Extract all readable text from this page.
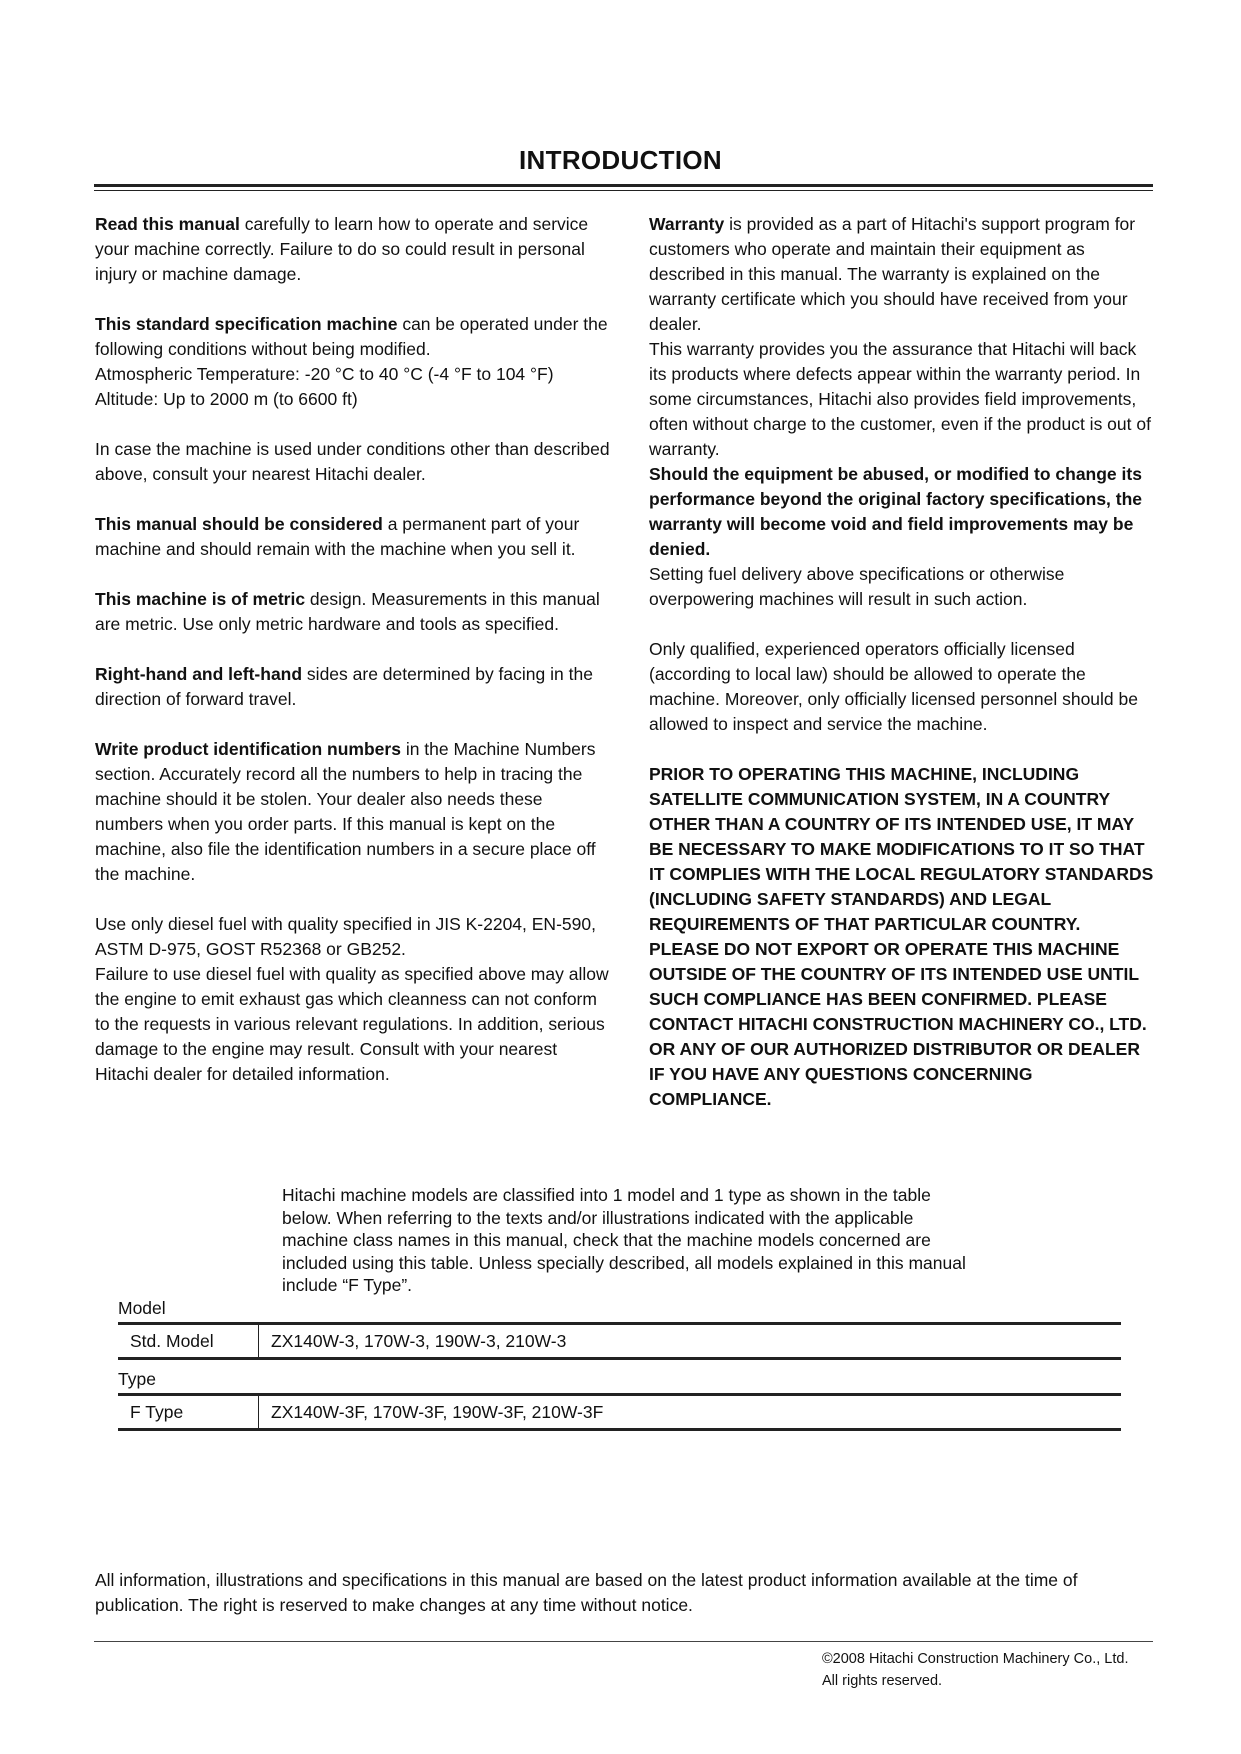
INTRODUCTION

Read this manual carefully to learn how to operate and service your machine correctly. Failure to do so could result in personal injury or machine damage.

This standard specification machine can be operated under the following conditions without being modified.
Atmospheric Temperature: -20 °C to 40 °C (-4 °F to 104 °F)
Altitude: Up to 2000 m (to 6600 ft)

In case the machine is used under conditions other than described above, consult your nearest Hitachi dealer.

This manual should be considered a permanent part of your machine and should remain with the machine when you sell it.

This machine is of metric design. Measurements in this manual are metric. Use only metric hardware and tools as specified.

Right-hand and left-hand sides are determined by facing in the direction of forward travel.

Write product identification numbers in the Machine Numbers section. Accurately record all the numbers to help in tracing the machine should it be stolen. Your dealer also needs these numbers when you order parts. If this manual is kept on the machine, also file the identification numbers in a secure place off the machine.

Use only diesel fuel with quality specified in JIS K-2204, EN-590, ASTM D-975, GOST R52368 or GB252.
Failure to use diesel fuel with quality as specified above may allow the engine to emit exhaust gas which cleanness can not conform to the requests in various relevant regulations. In addition, serious damage to the engine may result. Consult with your nearest Hitachi dealer for detailed information.

Warranty is provided as a part of Hitachi's support program for customers who operate and maintain their equipment as described in this manual. The warranty is explained on the warranty certificate which you should have received from your dealer.
This warranty provides you the assurance that Hitachi will back its products where defects appear within the warranty period. In some circumstances, Hitachi also provides field improvements, often without charge to the customer, even if the product is out of warranty.
Should the equipment be abused, or modified to change its performance beyond the original factory specifications, the warranty will become void and field improvements may be denied.
Setting fuel delivery above specifications or otherwise overpowering machines will result in such action.

Only qualified, experienced operators officially licensed (according to local law) should be allowed to operate the machine. Moreover, only officially licensed personnel should be allowed to inspect and service the machine.

PRIOR TO OPERATING THIS MACHINE, INCLUDING SATELLITE COMMUNICATION SYSTEM, IN A COUNTRY OTHER THAN A COUNTRY OF ITS INTENDED USE, IT MAY BE NECESSARY TO MAKE MODIFICATIONS TO IT SO THAT IT COMPLIES WITH THE LOCAL REGULATORY STANDARDS (INCLUDING SAFETY STANDARDS) AND LEGAL REQUIREMENTS OF THAT PARTICULAR COUNTRY. PLEASE DO NOT EXPORT OR OPERATE THIS MACHINE OUTSIDE OF THE COUNTRY OF ITS INTENDED USE UNTIL SUCH COMPLIANCE HAS BEEN CONFIRMED. PLEASE CONTACT HITACHI CONSTRUCTION MACHINERY CO., LTD. OR ANY OF OUR AUTHORIZED DISTRIBUTOR OR DEALER IF YOU HAVE ANY QUESTIONS CONCERNING COMPLIANCE.

Hitachi machine models are classified into 1 model and 1 type as shown in the table below. When referring to the texts and/or illustrations indicated with the applicable machine class names in this manual, check that the machine models concerned are included using this table. Unless specially described, all models explained in this manual include “F Type”.

Model

Std. Model	ZX140W-3, 170W-3, 190W-3, 210W-3

Type

F Type	ZX140W-3F, 170W-3F, 190W-3F, 210W-3F

All information, illustrations and specifications in this manual are based on the latest product information available at the time of publication. The right is reserved to make changes at any time without notice.

©2008 Hitachi Construction Machinery Co., Ltd.
All rights reserved.
